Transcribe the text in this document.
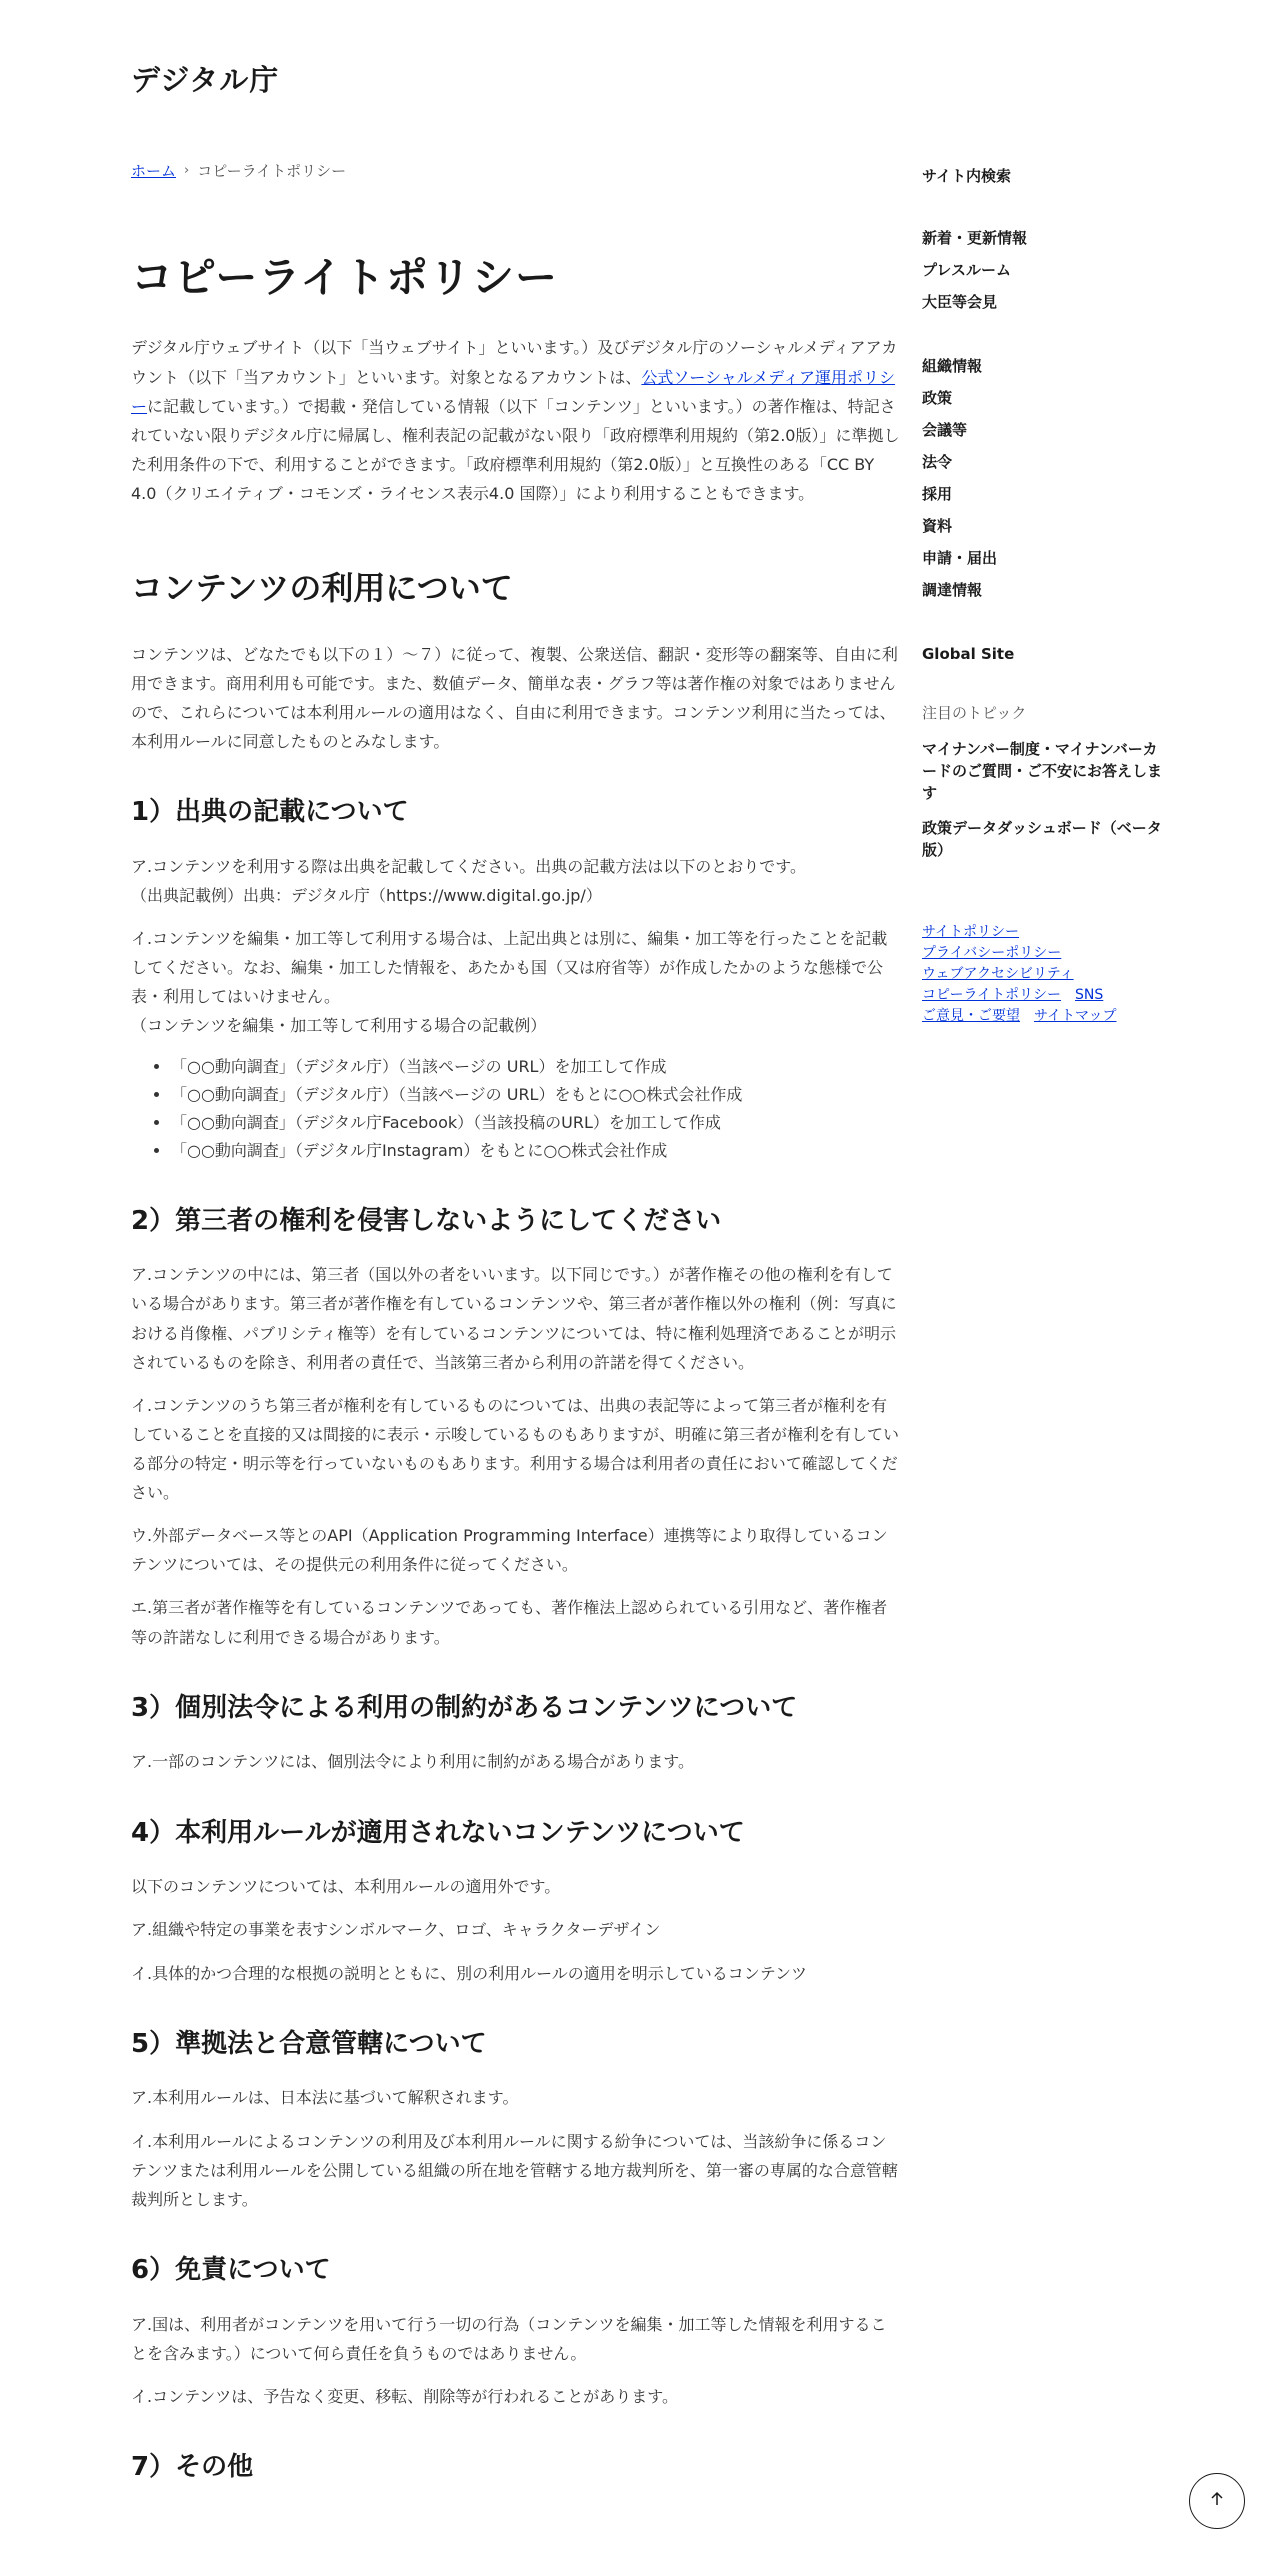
デジタル庁
ホーム › コピーライトポリシー
コピーライトポリシー

デジタル庁ウェブサイト（以下「当ウェブサイト」といいます。）及びデジタル庁のソーシャルメディアアカウント（以下「当アカウント」といいます。対象となるアカウントは、公式ソーシャルメディア運用ポリシーに記載しています。）で掲載・発信している情報（以下「コンテンツ」といいます。）の著作権は、特記されていない限りデジタル庁に帰属し、権利表記の記載がない限り「政府標準利用規約（第2.0版）」に準拠した利用条件の下で、利用することができます。「政府標準利用規約（第2.0版）」と互換性のある「CC BY 4.0（クリエイティブ・コモンズ・ライセンス表示4.0 国際）」により利用することもできます。

コンテンツの利用について

コンテンツは、どなたでも以下の１）～７）に従って、複製、公衆送信、翻訳・変形等の翻案等、自由に利用できます。商用利用も可能です。また、数値データ、簡単な表・グラフ等は著作権の対象ではありませんので、これらについては本利用ルールの適用はなく、自由に利用できます。コンテンツ利用に当たっては、本利用ルールに同意したものとみなします。

1）出典の記載について

ア.コンテンツを利用する際は出典を記載してください。出典の記載方法は以下のとおりです。
（出典記載例）出典：デジタル庁（https://www.digital.go.jp/）

イ.コンテンツを編集・加工等して利用する場合は、上記出典とは別に、編集・加工等を行ったことを記載してください。なお、編集・加工した情報を、あたかも国（又は府省等）が作成したかのような態様で公表・利用してはいけません。
（コンテンツを編集・加工等して利用する場合の記載例）

• 「○○動向調査」（デジタル庁）（当該ページの URL）を加工して作成
• 「○○動向調査」（デジタル庁）（当該ページの URL）をもとに○○株式会社作成
• 「○○動向調査」（デジタル庁Facebook）（当該投稿のURL）を加工して作成
• 「○○動向調査」（デジタル庁Instagram）をもとに○○株式会社作成
2）第三者の権利を侵害しないようにしてください

ア.コンテンツの中には、第三者（国以外の者をいいます。以下同じです。）が著作権その他の権利を有している場合があります。第三者が著作権を有しているコンテンツや、第三者が著作権以外の権利（例：写真における肖像権、パブリシティ権等）を有しているコンテンツについては、特に権利処理済であることが明示されているものを除き、利用者の責任で、当該第三者から利用の許諾を得てください。

イ.コンテンツのうち第三者が権利を有しているものについては、出典の表記等によって第三者が権利を有していることを直接的又は間接的に表示・示唆しているものもありますが、明確に第三者が権利を有している部分の特定・明示等を行っていないものもあります。利用する場合は利用者の責任において確認してください。

ウ.外部データベース等とのAPI（Application Programming Interface）連携等により取得しているコンテンツについては、その提供元の利用条件に従ってください。

エ.第三者が著作権等を有しているコンテンツであっても、著作権法上認められている引用など、著作権者等の許諾なしに利用できる場合があります。

3）個別法令による利用の制約があるコンテンツについて

ア.一部のコンテンツには、個別法令により利用に制約がある場合があります。

4）本利用ルールが適用されないコンテンツについて

以下のコンテンツについては、本利用ルールの適用外です。

ア.組織や特定の事業を表すシンボルマーク、ロゴ、キャラクターデザイン

イ.具体的かつ合理的な根拠の説明とともに、別の利用ルールの適用を明示しているコンテンツ

5）準拠法と合意管轄について

ア.本利用ルールは、日本法に基づいて解釈されます。

イ.本利用ルールによるコンテンツの利用及び本利用ルールに関する紛争については、当該紛争に係るコンテンツまたは利用ルールを公開している組織の所在地を管轄する地方裁判所を、第一審の専属的な合意管轄裁判所とします。

6）免責について

ア.国は、利用者がコンテンツを用いて行う一切の行為（コンテンツを編集・加工等した情報を利用することを含みます。）について何ら責任を負うものではありません。

イ.コンテンツは、予告なく変更、移転、削除等が行われることがあります。

7）その他
サイト内検索
新着・更新情報
プレスルーム
大臣等会見
組織情報
政策
会議等
法令
採用
資料
申請・届出
調達情報
Global Site
注目のトピック
マイナンバー制度・マイナンバーカードのご質問・ご不安にお答えします
政策データダッシュボード（ベータ版）
サイトポリシー
プライバシーポリシー
ウェブアクセシビリティ
コピーライトポリシー SNS
ご意見・ご要望 サイトマップ
